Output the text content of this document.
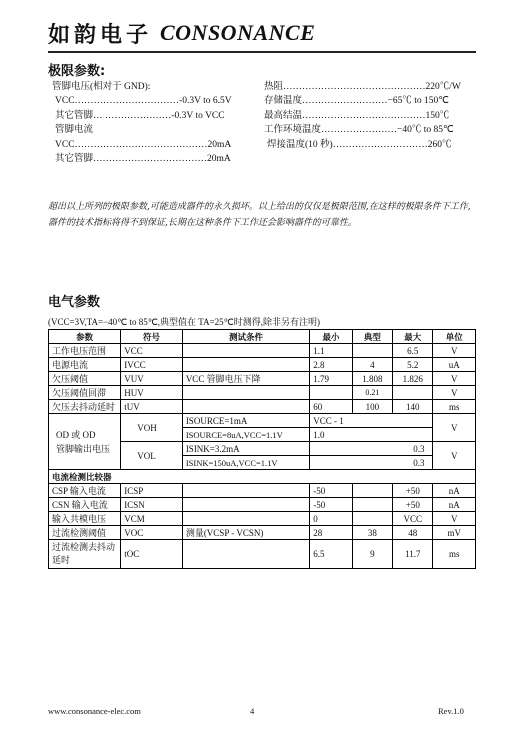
如韵电子 CONSONANCE
极限参数:
管脚电压(相对于 GND):
VCC……………………………-0.3V to 6.5V
其它管脚… …………………-0.3V to VCC
管脚电流
VCC……………………………………20mA
其它管脚………………………………20mA
热阻………………………………………220℃/W
存储温度………………………−65℃ to 150℃
最高结温…………………………………150℃
工作环境温度……………………−40℃ to 85℃
焊接温度(10 秒)…………………………260℃
超出以上所列的极限参数,可能造成器件的永久损坏。以上给出的仅仅是极限范围,在这样的极限条件下工作,器件的技术指标将得不到保证,长期在这种条件下工作还会影响器件的可靠性。
电气参数
(VCC=3V,TA=−40℃ to 85℃,典型值在 TA=25℃时测得,除非另有注明)
参数	符号	测试条件	最小	典型	最大	单位
工作电压范围	VCC		1.1		6.5	V
电源电流	IVCC		2.8	4	5.2	uA
欠压阈值	VUV	VCC 管脚电压下降	1.79	1.808	1.826	V
欠压阈值回滞	HUV			0.21		V
欠压去抖动延时	tUV		60	100	140	ms

OD 或 OD
管脚输出电压	VOH	ISOURCE=1mA	VCC - 1			V
		ISOURCE=8uA,VCC=1.1V	1.0			
	VOL	ISINK=3.2mA	0.3			V
		ISINK=150uA,VCC=1.1V	0.3			
电流检测比较器						
CSP 输入电流	ICSP		-50		+50	nA
CSN 输入电流	ICSN		-50		+50	nA
输入共模电压	VCM		0		VCC	V
过流检测阈值	VOC	测量(VCSP - VCSN)	28	38	48	mV
过流检测去抖动延时	tOC		6.5	9	11.7	ms
www.consonance-elec.com	4	Rev.1.0
